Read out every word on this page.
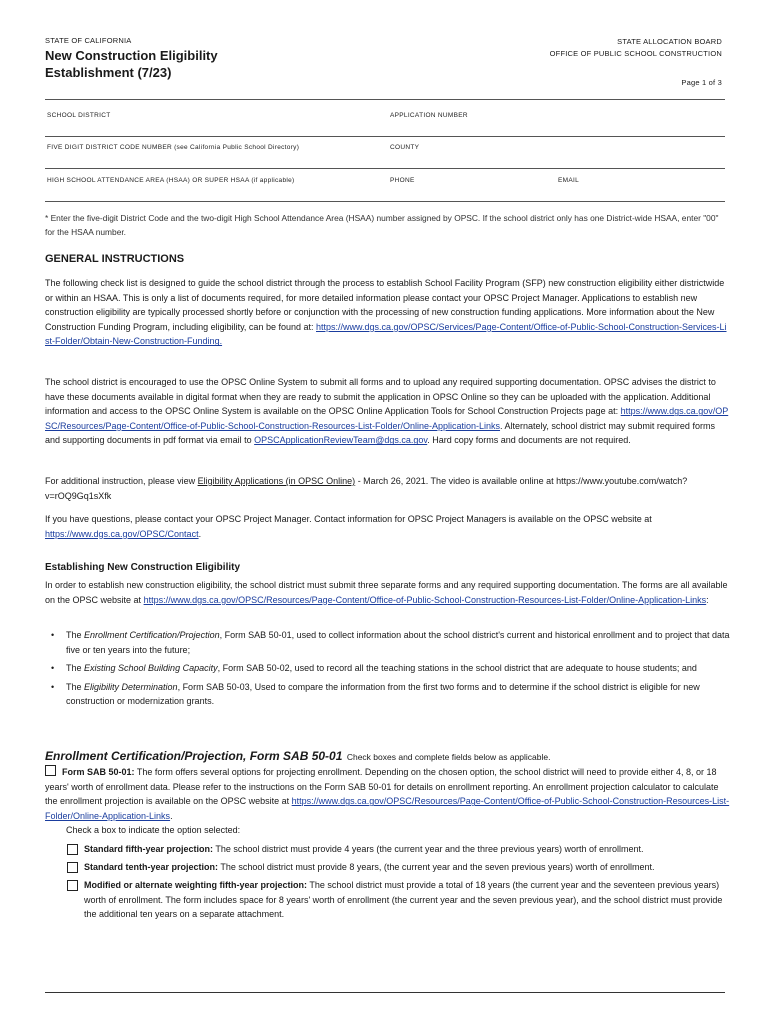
STATE OF CALIFORNIA
New Construction Eligibility
Establishment (7/23)
STATE ALLOCATION BOARD
OFFICE OF PUBLIC SCHOOL CONSTRUCTION
Page 1 of 3
SCHOOL DISTRICT	APPLICATION NUMBER
FIVE DIGIT DISTRICT CODE NUMBER (see California Public School Directory)	COUNTY
HIGH SCHOOL ATTENDANCE AREA (HSAA) OR SUPER HSAA (if applicable)	PHONE	EMAIL
* Enter the five-digit District Code and the two-digit High School Attendance Area (HSAA) number assigned by OPSC. If the school district only has one District-wide HSAA, enter "00" for the HSAA number.
GENERAL INSTRUCTIONS
The following check list is designed to guide the school district through the process to establish School Facility Program (SFP) new construction eligibility either districtwide or within an HSAA. This is only a list of documents required, for more detailed information please contact your OPSC Project Manager. Applications to establish new construction eligibility are typically processed shortly before or conjunction with the processing of new construction funding applications. More information about the New Construction Funding Program, including eligibility, can be found at: https://www.dgs.ca.gov/OPSC/Services/Page-Content/Office-of-Public-School-Construction-Services-List-Folder/Obtain-New-Construction-Funding.
The school district is encouraged to use the OPSC Online System to submit all forms and to upload any required supporting documentation. OPSC advises the district to have these documents available in digital format when they are ready to submit the application in OPSC Online so they can be uploaded with the application. Additional information and access to the OPSC Online System is available on the OPSC Online Application Tools for School Construction Projects page at: https://www.dgs.ca.gov/OPSC/Resources/Page-Content/Office-of-Public-School-Construction-Resources-List-Folder/Online-Application-Links. Alternately, school district may submit required forms and supporting documents in pdf format via email to OPSCApplicationReviewTeam@dgs.ca.gov. Hard copy forms and documents are not required.
For additional instruction, please view Eligibility Applications (in OPSC Online) - March 26, 2021. The video is available online at https://www.youtube.com/watch?v=rOQ9Gq1sXfk
If you have questions, please contact your OPSC Project Manager. Contact information for OPSC Project Managers is available on the OPSC website at https://www.dgs.ca.gov/OPSC/Contact.
Establishing New Construction Eligibility
In order to establish new construction eligibility, the school district must submit three separate forms and any required supporting documentation. The forms are all available on the OPSC website at https://www.dgs.ca.gov/OPSC/Resources/Page-Content/Office-of-Public-School-Construction-Resources-List-Folder/Online-Application-Links:
• The Enrollment Certification/Projection, Form SAB 50-01, used to collect information about the school district's current and historical enrollment and to project that data five or ten years into the future;
• The Existing School Building Capacity, Form SAB 50-02, used to record all the teaching stations in the school district that are adequate to house students; and
• The Eligibility Determination, Form SAB 50-03, Used to compare the information from the first two forms and to determine if the school district is eligible for new construction or modernization grants.
Enrollment Certification/Projection, Form SAB 50-01 Check boxes and complete fields below as applicable.
Form SAB 50-01: The form offers several options for projecting enrollment. Depending on the chosen option, the school district will need to provide either 4, 8, or 18 years' worth of enrollment data. Please refer to the instructions on the Form SAB 50-01 for details on enrollment reporting. An enrollment projection calculator to calculate the enrollment projection is available on the OPSC website at https://www.dgs.ca.gov/OPSC/Resources/Page-Content/Office-of-Public-School-Construction-Resources-List-Folder/Online-Application-Links.
Check a box to indicate the option selected:
Standard fifth-year projection: The school district must provide 4 years (the current year and the three previous years) worth of enrollment.
Standard tenth-year projection: The school district must provide 8 years, (the current year and the seven previous years) worth of enrollment.
Modified or alternate weighting fifth-year projection: The school district must provide a total of 18 years (the current year and the seventeen previous years) worth of enrollment. The form includes space for 8 years' worth of enrollment (the current year and the seven previous year), and the school district must provide the additional ten years on a separate attachment.
